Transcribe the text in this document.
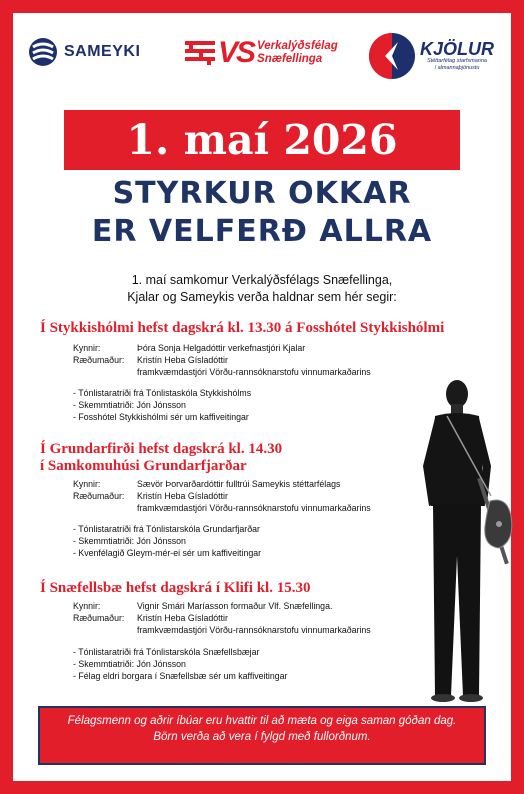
SAMEYKI	VS Verkalýðsfélag
Snæfellinga	KJÖLUR
Stéttarfélag starfsmanna
í almannaþjónustu
1. maí 2026
STYRKUR OKKAR
ER VELFERÐ ALLRA
1. maí samkomur Verkalýðsfélags Snæfellinga,
Kjalar og Sameykis verða haldnar sem hér segir:
Í Stykkishólmi hefst dagskrá kl. 13.30 á Fosshótel Stykkishólmi
Kynnir:	Þóra Sonja Helgadóttir verkefnastjóri Kjalar
Ræðumaður: Kristín Heba Gísladóttir
framkvæmdastjóri Vörðu-rannsóknarstofu vinnumarkaðarins
- Tónlistaratriði frá Tónlistaskóla Stykkishólms
- Skemmtiatriði: Jón Jónsson
- Fosshótel Stykkishólmi sér um kaffiveitingar
Í Grundarfirði hefst dagskrá kl. 14.30
í Samkomuhúsi Grundarfjarðar
Kynnir:	Sævör Þorvarðardóttir fulltrúi Sameykis stéttarfélags
Ræðumaður: Kristín Heba Gísladóttir
framkvæmdastjóri Vörðu-rannsóknarstofu vinnumarkaðarins
- Tónlistaratriði frá Tónlistarskóla Grundarfjarðar
- Skemmtiatriði: Jón Jónsson
- Kvenfélagið Gleym-mér-ei sér um kaffiveitingar
Í Snæfellsbæ hefst dagskrá í Klifi kl. 15.30
Kynnir:	Vignir Smári Maríasson formaður Vlf. Snæfellinga.
Ræðumaður: Kristín Heba Gísladóttir
framkvæmdastjóri Vörðu-rannsóknarstofu vinnumarkaðarins
- Tónlistaratriði frá Tónlistarskóla Snæfellsbæjar
- Skemmtiatriði: Jón Jónsson
- Félag eldri borgara í Snæfellsbæ sér um kaffiveitingar
Félagsmenn og aðrir íbúar eru hvattir til að mæta og eiga saman góðan dag.
Börn verða að vera í fylgd með fullorðnum.
